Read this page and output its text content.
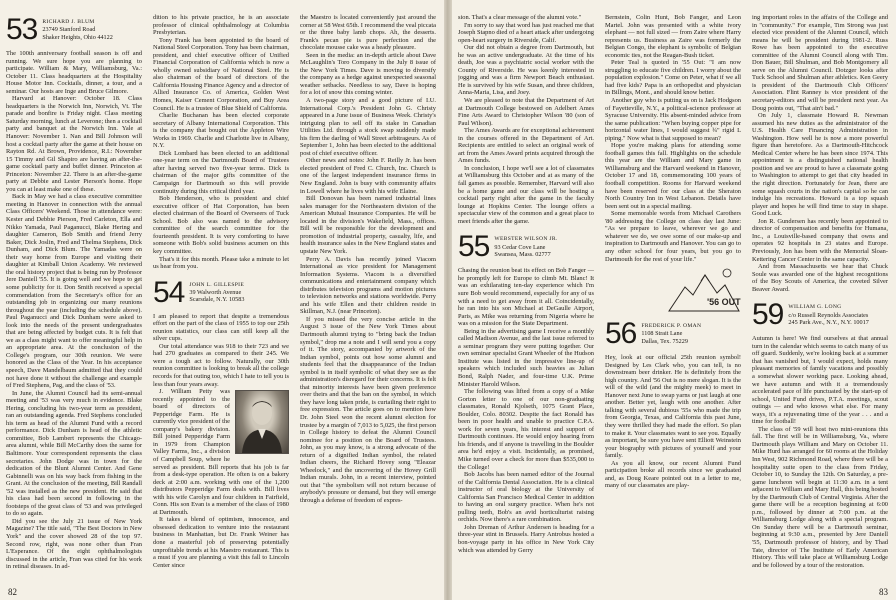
53 RICHARD J. BLUM
23749 Stanford Road
Shaker Heights, Ohio 44122

The 100th anniversary football season is off and running. We sure hope you are planning to participate. William & Mary, Williamsburg, Va.: October 11. Class headquarters at the Hospitality House Motor Inn. Cocktails, dinner, a tour, and a seminar. Our hosts are Inge and Bruce Gilmore.

Harvard at Hanover: October 18. Class headquarters is the Norwich Inn, Norwich, Vt. The parade and bonfire is Friday night. Class meeting Saturday morning, lunch at Leverone; then a cocktail party and banquet at the Norwich Inn. Yale at Hanover: November 1. Nan and Bill Johnson will host a cocktail party after the game at their house on Rayton Rd. At Brown, Providence, R.I.: November 15 Timmy and Gil Shapiro are having an after-the-game cocktail party and buffet dinner. Princeton at Princeton: November 22. There is an after-the-game party at Debbie and Lester Pierson's home. Hope you can at least make one of these.

Back in May we had a class executive committee meeting in Hanover in connection with the annual Class Officers' Weekend. Those in attendance were: Kester and Debbie Pierson, Fred Carleton, Ella and Nikko Yamada, Paul Paganucci, Blake Hering and daughter Cameron, Bob Smith and friend Jerry Baker, Dick Joslin, Fred and Thelma Stephens, Dick Dunham, and Dick Blum. The Yamadas were on their way home from Europe and visiting their daughter at Kimball Union Academy. We reviewed the oral history project that is being run by Professor Jere Daniell '55. It is going well and we hope to get some publicity for it. Don Smith received a special commendation from the Secretary's office for an outstanding job in organizing our many reunions throughout the year (including the schedule above). Paul Paganucci and Dick Dunham were asked to look into the needs of the present undergraduates that are being affected by budget cuts. It is felt that we as a class might want to offer meaningful help in an appropriate area. At the conclusion of the College's program, our 30th reunion. We were honored as the Class of the Year. In his acceptance speech, Dave Mandelbaum admitted that they could not have done it without the challenge and example of Fred Stephens, Pag, and the class of '53.

In June, the Alumni Council had its semi-annual meeting and '53 was very much in evidence. Blake Hering, concluding his two-year term as president, ran an outstanding agenda. Fred Stephens concluded his term as head of the Alumni Fund with a record performance. Dick Dunham is head of the athletic committee, Bob Lambert represents the Chicago-area alumni, while Bill McCarthy does the same for Baltimore. Your correspondent represents the class secretaries. John Dodge was in town for the dedication of the Blunt Alumni Center. And Gene Gabinnelli was on his way back from fishing in the Grant. At the conclusion of the meeting, Bill Randall '52 was installed as the new president. He said that his class had been second in following in the footsteps of the great class of '53 and was privileged to do so again.

Did you see the July 21 issue of New York Magazine? The title said, "The Best Doctors in New York" and the cover showed 28 of the top 97. Second row, right, was none other than Fran L'Esperance. Of the eight ophthalmologists discussed in the article, Fran was cited for his work in retinal diseases. In ad-

dition to his private practice, he is an associate professor of clinical ophthalmology at Columbia Presbyterian.

Tony Frank has been appointed to the board of National Steel Corporation. Tony has been chairman, president, and chief executive officer of Unified Financial Corporation of California which is now a wholly owned subsidiary of National Steel. He is also chairman of the board of directors of the California Housing Finance Agency and a director of Allied Insurance Co. of America, Golden West Homes, Kaiser Cement Corporation, and Buy Area Council. He is a trustee of Blue Shield of California.

Charlie Buchanan has been elected corporate secretary of Albany International Corporation. This is the company that bought out the Appleton Wire Works in 1969. Charlie and Charlotte live in Albany, N.Y.

Dick Lombard has been elected to an additional one-year term on the Dartmouth Board of Trustees after having served two five-year terms. Dick is chairman of the major gifts committee of the Campaign for Dartmouth so this will provide continuity during this critical third year.

Bob Henderson, who is president and chief executive officer of Hat Corporation, has been elected chairman of the Board of Overseers of Tuck School. Bob also was named to the advisory committee of the search committee for the fourteenth president. It is very comforting to have someone with Bob's solid business acumen on this key committee.

That's it for this month. Please take a minute to let us hear from you.

54 JOHN L. GILLESPIE
39 Walworth Avenue
Scarsdale, N.Y. 10583

I am pleased to report that despite a tremendous effort on the part of the class of 1955 to top our 25th reunion statistics, our class can still keep all the silver cups.

Our total attendance was 918 to their 723 and we had 270 graduates as compared to their 245. We were a tough act to follow. Naturally, our 30th reunion committee is looking to break all the college records for that outing too, which I hate to tell you is less than four years away.

J. William Petty was recently appointed to the board of directors of Pepperidge Farm. He is currently vice president of the company's bakery division. Bill joined Pepperidge Farm in 1979 from Champion Valley Farms, Inc., a division of Campbell Soup, where he served as president. Bill reports that his job is far from a desk-type operation. He often is on a bakery deck at 2:00 a.m. working with one of the 1,200 distributors Pepperidge Farm deals with. Bill lives with his wife Carolyn and four children in Fairfield, Conn. His son Evan is a member of the class of 1980 at Dartmouth.

It takes a blend of optimism, innocence, and obsessed dedication to venture into the restaurant business in Manhattan, but Dr. Frank Weiner has done a masterful job of preserving potentially unprofitable trends at his Maestro restaurant. This is a must if you are planning a visit this fall to Lincoln Center since

the Maestro is located conveniently just around the corner at 58 West 65th. I recommend the veal piccata or the three baby lamb chops. Ah, the desserts. Frank's pecan pie is pure perfection and the chocolate mousse cake was a heady pleasure.

Seen in the media: an in-depth article about Dave McLaughlin's Toro Company in the July 8 issue of the New York Times. Dave is moving to diversify the company as a hedge against unexpected seasonal weather setbacks. Needless to say, Dave is hoping for a lot of snow this coming winter.

A two-page story and a good picture of I.U. International Corp.'s President John G. Christy appeared in a June issue of Business Week. Christy's intriguing plan to sell off its stake in Canadian Utilities Ltd. through a stock swap suddenly made his firm the darling of Wall Street arbitrageurs. As of September 1, John has been elected to the additional post of chief executive officer.

Other news and notes: John F. Reilly Jr. has been elected president of Fred C. Church, Inc. Church is one of the largest independent insurance firms in New England. John is busy with community affairs in Lowell where he lives with his wife Elaine.

Bill Donovan has been named industrial lines sales manager for the Northeastern division of the American Mutual Insurance Companies. He will be located in the division's Wakefield, Mass., offices. Bill will be responsible for the development and promotion of industrial property, casualty, life, and health insurance sales in the New England states and upstate New York.

Perry A. Davis has recently joined Viacom International as vice president for Management Information Systems. Viacom is a diversified communications and entertainment company which distributes television programs and motion pictures to television networks and stations worldwide. Perry and his wife Ellen and their children reside in Skillman, N.J. (near Princeton).

If you missed the very concise article in the August 3 issue of the New York Times about Dartmouth alumni trying to "bring back the Indian symbol," drop me a note and I will send you a copy of it. The story, accompanied by artwork of the Indian symbol, points out how some alumni and students feel that the disappearance of the Indian symbol is in itself symbolic of what they see as the administration's disregard for their concerns. It is felt that minority interests have been given preference over theirs and that the ban on the symbol, in which they have long taken pride, is curtailing their right to free expression. The article goes on to mention how Dr. John Steel won the recent alumni election for trustee by a margin of 7,013 to 5,025, the first person in College history to defeat the Alumni Council nominee for a position on the Board of Trustees. John, as you may know, is a strong advocate of the return of a dignified Indian symbol, the related Indian cheers, the Richard Hovey song "Eleazar Wheelock," and the uncovering of the Hovey Grill Indian murals. John, in a recent interview, pointed out that "the symbolism will not return because of anybody's pressure or demand, but they will emerge through a defense of freedom of expres-

82

sion. That's a clear message of the alumni vote."

I'm sorry to say that word has just reached me that Joseph Stapno died of a heart attack after undergoing open-heart surgery in Riverside, Calif.

Our did not obtain a degree from Dartmouth, but he was an active undergraduate. At the time of his death, Joe was a psychiatric social worker with the County of Riverside. He was keenly interested in jogging and was a firm Newport Beach enthusiast. He is survived by his wife Susan, and three children, Anna-Maria, Lisa, and Joey.

We are pleased to note that the Department of Art at Dartmouth College bestowed on Adelbert Ames Fine Arts Award to Christopher Wilson '80 (son of Paul Wilson).

The Ames Awards are for exceptional achievement in the courses offered in the Department of Art. Recipients are entitled to select an original work of art from the Ames Award prints acquired through the Ames funds.

In conclusion, I hope we'll see a lot of classmates at Williamsburg this October and at as many of the fall games as possible. Remember, Harvard will also be a home game and our class will be hosting a cocktail party right after the game in the faculty lounge at Hopkins Center. The lounge offers a spectacular view of the common and a great place to meet friends after the game.

55 WEBSTER WILSON JR.
93 Cedar Cove Lane
Swansea, Mass. 02777

Chasing the reunion beat its effect on Bob Fanger — he promptly left for Europe to climb Mt. Blanc! It was an exhilarating ten-day experience which I'm sure Bob would recommend, especially for any of us with a need to get away from it all. Coincidentally, he ran into his son Michael at DeGaulle Airport, Paris, as Mike was returning from Nigeria where he was on a mission for the State Department.

Being in the advertising game I receive a monthly called Madison Avenue, and the last issue referred to a seminar program they were putting together. Our own seminar specialist Grant Wheeler of the Hudson Institute was listed in the impressive line-up of speakers which included such heavies as Julian Bond, Ralph Nader, and four-time U.K. Prime Minister Harold Wilson.

The following was lifted from a copy of a Mike Gorton letter to one of our non-graduating classmates, Ronald Kjolseth, 1075 Grant Place, Boulder, Colo. 80302. Despite the fact Ronald has been in poor health and unable to practice C.P.A. work for seven years, his interest and support of Dartmouth continues. He would enjoy hearing from his friends, and if anyone is travelling in the Boulder area he'd enjoy a visit. Incidentally, as promised, Mike turned over a check for more than $535,000 to the College!

Bob Jacobs has been named editor of the Journal of the California Dental Association. He is a clinical instructor of oral biology at the University of California San Francisco Medical Center in addition to having an oral surgery practice. When he's not pulling teeth, Bob's an avid horticulturist raising orchids. Now there's a rare combination.

John Dreman of Arthur Andersen is heading for a three-year stint in Brussels. Harry Antrobus hosted a bon-voyage party in his office in New York City which was attended by Gerry

Bernstein, Colin Hunt, Bob Fanger, and Leon Martel. John was presented with a white ivory elephant — not full sized — from Zaire where Harry represents us. Business as Zaire was formerly the Belgian Congo, the elephant is symbolic of Belgian economic ties, not the Reagan-Bush ticket.

Peter Teal is quoted in '55 Out: "I am now struggling to educate five children. I worry about the population explosion." Come on Peter, what if we all had five kids? Papa is an orthopedist and physician in Billings, Mont., and should know better.

Another guy who is putting us on is Jack Hodgson of Fayetteville, N.Y., a political-science professor at Syracuse University. His absent-minded advice from the same publication: "When buying copper pipe for horizontal water lines, I would suggest ¾" rigid L piping." Now what is that supposed to mean?

Hope you're making plans for attending some football games this fall. Highlights on the schedule this year are the William and Mary game in Williamsburg and the Harvard weekend in Hanover, October 17 and 18, commemorating 100 years of football competition. Rooms for Harvard weekend have been reserved for our class at the Sheraton North Country Inn in West Lebanon. Details have been sent out in a special mailing.

Some memorable words from Michael Carothers '80 addressing the College on class day last June: "As we prepare to leave, wherever we go and whatever we do, we owe some of our make-up and inspiration to Dartmouth and Hanover. You can go to any other school for four years, but you go to Dartmouth for the rest of your life."

'56 OUT
56 FREDERICK P. OMAN
1108 Strait Lane
Dallas, Tex. 75229

Hey, look at our official 25th reunion symbol! Designed by Les Clark who, you can tell, is no downstream beer drinker. He is definitely from the high country. And '56 Out is no mere slogan. It is the will of the wild (and the mighty meek) to meet in Hanover next June to swap yarns or just laugh at one another. Better yet, laugh with one another. After talking with several dubious '55s who made the trip from Georgia, Texas, and California this past June, they were thrilled they had made the effort. So plan to make it. Your classmates want to see you. Equally as important, be sure you have sent Elliott Weinstein your biography with pictures of yourself and your family.

As you all know, our recent Alumni Fund participation broke all records since we graduated and, as Doug Keare pointed out in a letter to me, many of our classmates are play-

ing important roles in the affairs of the College and in "community." For example, Tim Strong was just elected vice president of the Alumni Council, which means he will be president during 1981-2. Russ Rowe has been appointed to the executive committee of the Alumni Council along with Tim. Don Bauer, Bill Shulman, and Bob Montgomery all serve on the Alumni Council. Dotzger looks after Tuck School and Shulman after athletics. Ken Geery is president of the Dartmouth Club Officers' Association. Flint Ranney is vice president of the secretary-editors and will be president next year. As Doug points out, "That ain't bad."

On July 1, classmate Howard R. Newman assumed his new duties as the administrator of the U.S. Health Care Financing Administration in Washington. How well he is now a more powerful figure than heretofore. As a Dartmouth-Hitchcock Medical Center where he has been since 1974. This appointment is a distinguished national health position and we are proud to have a classmate going to Washington to attempt to get that city headed in the right direction. Fortunately for Jean, there are some squash courts in the nation's capital so he can indulge his recreations. Howard is a top squash player and hopes he will find time to stay in shape. Good Luck.

Jon R. Gundersen has recently been appointed to director of compensation and benefits for Humana, Inc., a Louisville-based company that owns and operates 92 hospitals in 23 states and Europe. Previously, Jon has been with the Memorial Sloan-Kettering Cancer Center in the same capacity.

And from Massachusetts we hear that Chuck Soule was awarded one of the highest recognitions of the Boy Scouts of America, the coveted Silver Beaver Award.

59 WILLIAM G. LONG
c/o Russell Reynolds Associates
245 Park Ave., N.Y., N.Y. 10017

Autumn is here! We find ourselves at that annual turn in the calendar which seems to catch many of us off guard. Suddenly, we're looking back at a summer that has vanished but, I would expect, holds many pleasant memories of family vacations and possibly a somewhat slower working pace. Looking ahead, we have autumn and with it a tremendously accelerated pace of life punctuated by the start-up of school, United Fund drives, P.T.A. meetings, scout outings — and who knows what else. For many ways, it's a rejuvenating time of the year . . . and a time for football!

The class of '59 will host two mini-reunions this fall. The first will be in Williamsburg, Va., where Dartmouth plays William and Mary on October 11. Mike Hurd has arranged for 60 rooms at the Holiday Inn West, 902 Richmond Road, where there will be a hospitality suite open to the class from Friday, October 10, to Sunday the 12th. On Saturday, a pre-game luncheon will begin at 11:30 a.m. in a tent adjacent to William and Mary Hall, this being hosted by the Dartmouth Club of Central Virginia. After the game there will be a reception beginning at 6:00 p.m., followed by dinner at 7:00 p.m. at the Williamsburg Lodge along with a special program. On Sunday there will be a Dartmouth seminar, beginning at 9:30 a.m., presented by Jere Daniell '55, Dartmouth professor of history, and by Thad Tate, director of The Institute of Early American History. This will take place at Williamsburg Lodge and be followed by a tour of the restoration.

83
